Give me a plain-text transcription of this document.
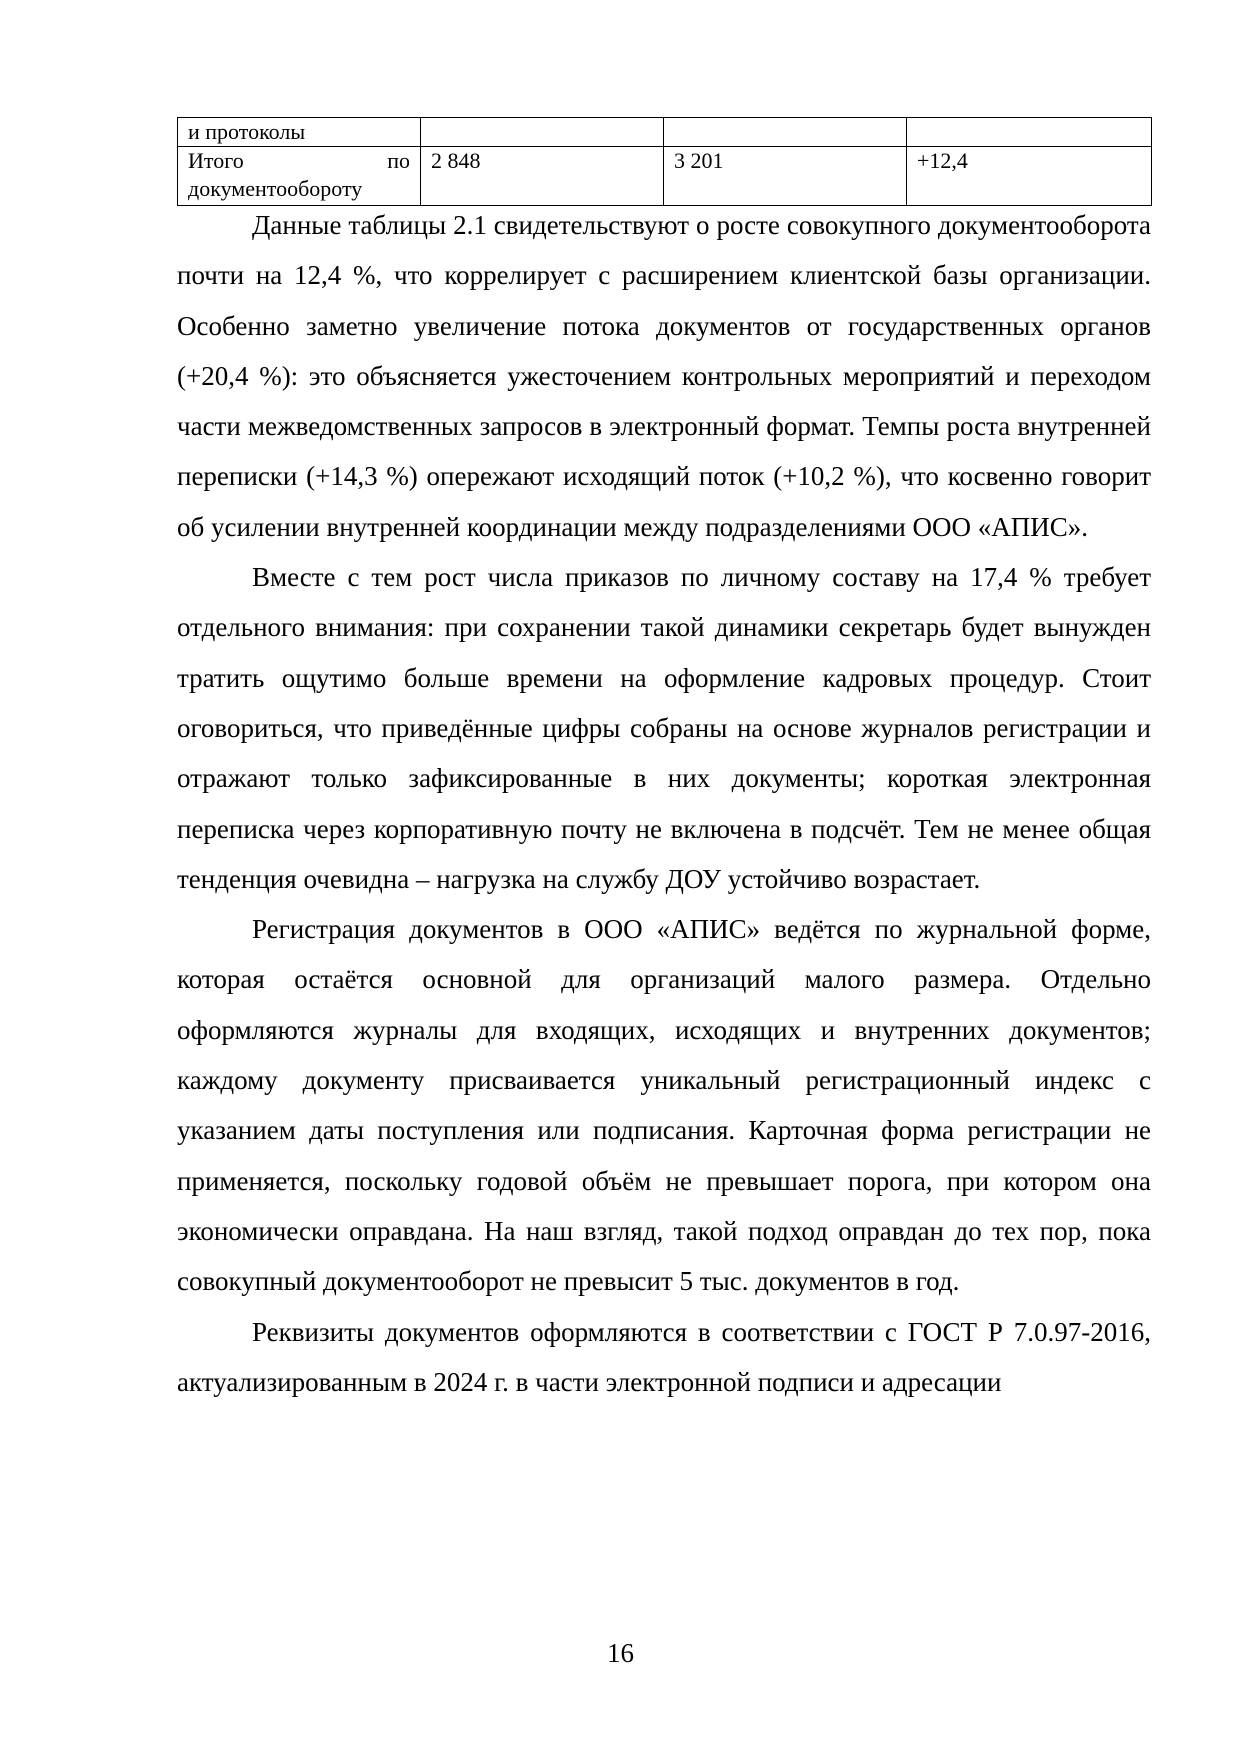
и протоколы			

Итого по
документообороту	2 848	3 201	+12,4

Данные таблицы 2.1 свидетельствуют о росте совокупного документооборота почти на 12,4 %, что коррелирует с расширением клиентской базы организации. Особенно заметно увеличение потока документов от государственных органов (+20,4 %): это объясняется ужесточением контрольных мероприятий и переходом части межведомственных запросов в электронный формат. Темпы роста внутренней переписки (+14,3 %) опережают исходящий поток (+10,2 %), что косвенно говорит об усилении внутренней координации между подразделениями ООО «АПИС».

Вместе с тем рост числа приказов по личному составу на 17,4 % требует отдельного внимания: при сохранении такой динамики секретарь будет вынужден тратить ощутимо больше времени на оформление кадровых процедур. Стоит оговориться, что приведённые цифры собраны на основе журналов регистрации и отражают только зафиксированные в них документы; короткая электронная переписка через корпоративную почту не включена в подсчёт. Тем не менее общая тенденция очевидна – нагрузка на службу ДОУ устойчиво возрастает.

Регистрация документов в ООО «АПИС» ведётся по журнальной форме, которая остаётся основной для организаций малого размера. Отдельно оформляются журналы для входящих, исходящих и внутренних документов; каждому документу присваивается уникальный регистрационный индекс с указанием даты поступления или подписания. Карточная форма регистрации не применяется, поскольку годовой объём не превышает порога, при котором она экономически оправдана. На наш взгляд, такой подход оправдан до тех пор, пока совокупный документооборот не превысит 5 тыс. документов в год.

Реквизиты документов оформляются в соответствии с ГОСТ Р 7.0.97-2016, актуализированным в 2024 г. в части электронной подписи и адресации

16
